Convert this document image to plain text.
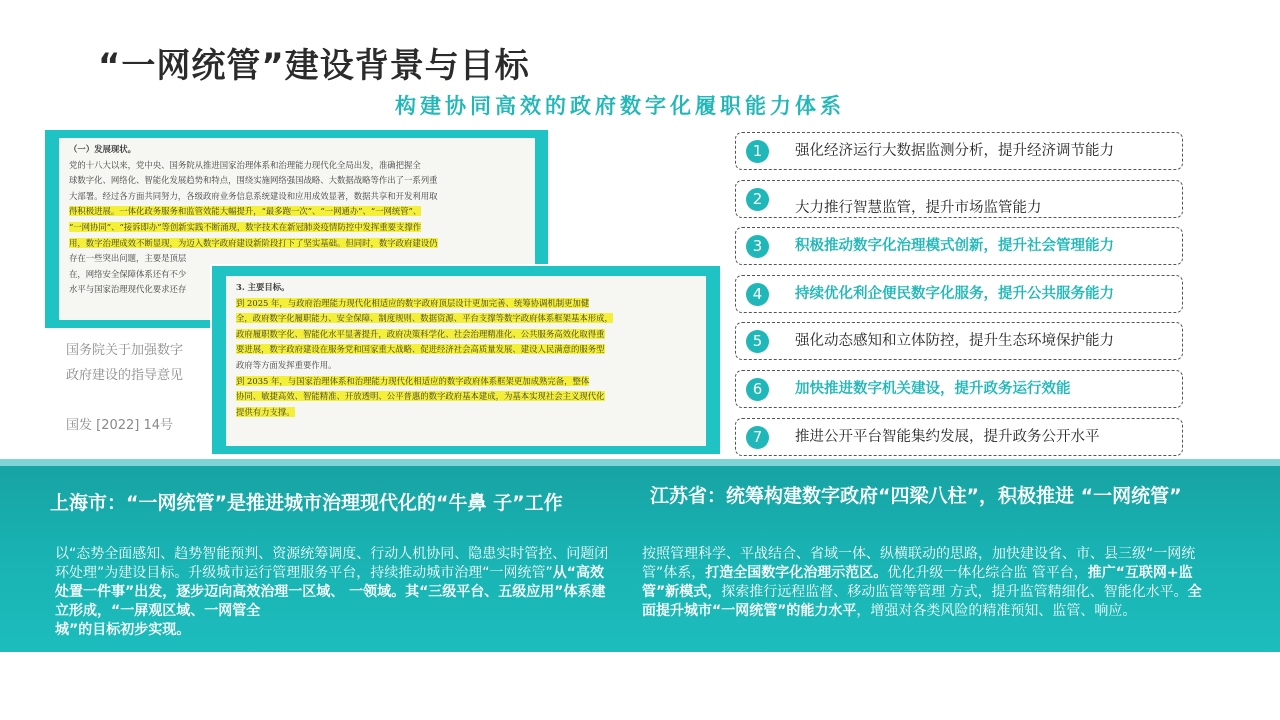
“一网统管”建设背景与目标
构建协同高效的政府数字化履职能力体系

（一）发展现状。

党的十八大以来，党中央、国务院从推进国家治理体系和治理能力现代化全局出发，准确把握全

球数字化、网络化、智能化发展趋势和特点，围绕实施网络强国战略、大数据战略等作出了一系列重

大部署。经过各方面共同努力，各级政府业务信息系统建设和应用成效显著，数据共享和开发利用取

得积极进展。一体化政务服务和监管效能大幅提升，“最多跑一次”、“一网通办”、“一网统管”、

“一网协同”、“接诉即办”等创新实践不断涌现，数字技术在新冠肺炎疫情防控中发挥重要支撑作

用，数字治理成效不断显现，为迈入数字政府建设新阶段打下了坚实基础。但同时，数字政府建设仍

存在一些突出问题，主要是顶层

在，网络安全保障体系还有不少

水平与国家治理现代化要求还存	3. 主要目标。

到 2025 年，与政府治理能力现代化相适应的数字政府顶层设计更加完善、统筹协调机制更加健

全，政府数字化履职能力、安全保障、制度规则、数据资源、平台支撑等数字政府体系框架基本形成，

政府履职数字化、智能化水平显著提升，政府决策科学化、社会治理精准化、公共服务高效化取得重

要进展，数字政府建设在服务党和国家重大战略、促进经济社会高质量发展、建设人民满意的服务型

政府等方面发挥重要作用。

到 2035 年，与国家治理体系和治理能力现代化相适应的数字政府体系框架更加成熟完备，整体

协同、敏捷高效、智能精准、开放透明、公平普惠的数字政府基本建成，为基本实现社会主义现代化

提供有力支撑。

国务院关于加强数字
政府建设的指导意见
国发 [2022] 14号
1	强化经济运行大数据监测分析，提升经济调节能力
2	大力推行智慧监管，提升市场监管能力
3	积极推动数字化治理模式创新，提升社会管理能力
4	持续优化利企便民数字化服务，提升公共服务能力
5	强化动态感知和立体防控，提升生态环境保护能力
6	加快推进数字机关建设，提升政务运行效能
7	推进公开平台智能集约发展，提升政务公开水平
上海市：“一网统管”是推进城市治理现代化的“牛鼻 子”工作
以“态势全面感知、趋势智能预判、资源统筹调度、行动人机协同、隐患实时管控、问题闭环处理”为建设目标。升级城市运行管理服务平台，持续推动城市治理“一网统管”从“高效处置一件事”出发，逐步迈向高效治理一区域、 一领域。其“三级平台、五级应用”体系建立形成，“一屏观区域、一网管全
城”的目标初步实现。
江苏省：统筹构建数字政府“四梁八柱”，积极推进 “一网统管”
按照管理科学、平战结合、省域一体、纵横联动的思路，加快建设省、市、县三级“一网统管”体系，打造全国数字化治理示范区。优化升级一体化综合监 管平台，推广“互联网+监管”新模式，探索推行远程监督、移动监管等管理 方式，提升监管精细化、智能化水平。全面提升城市“一网统管”的能力水平，增强对各类风险的精准预知、监管、响应。
